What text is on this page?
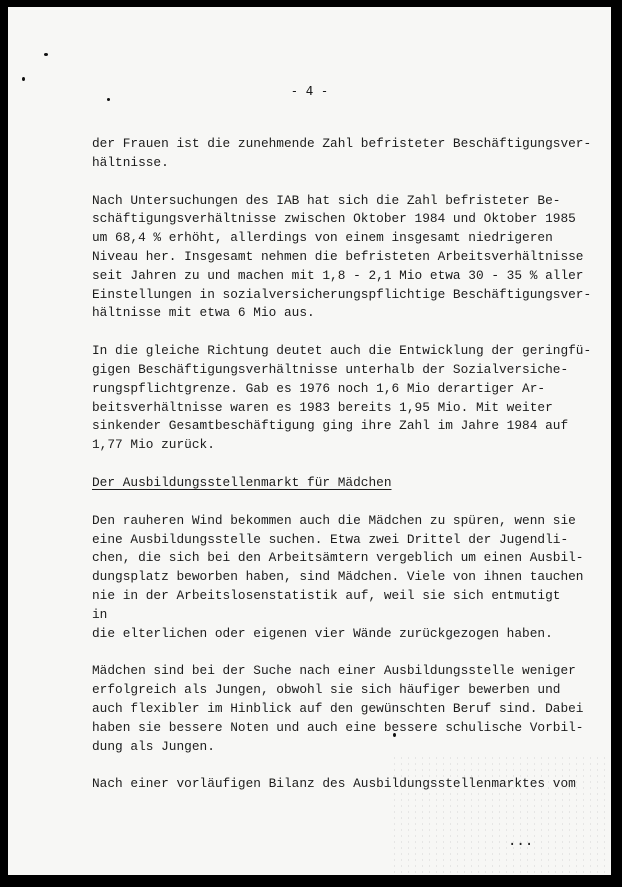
- 4 -
der Frauen ist die zunehmende Zahl befristeter Beschäftigungsver-
hältnisse.
Nach Untersuchungen des IAB hat sich die Zahl befristeter Be-
schäftigungsverhältnisse zwischen Oktober 1984 und Oktober 1985
um 68,4 % erhöht, allerdings von einem insgesamt niedrigeren
Niveau her. Insgesamt nehmen die befristeten Arbeitsverhältnisse
seit Jahren zu und machen mit 1,8 - 2,1 Mio etwa 30 - 35 % aller
Einstellungen in sozialversicherungspflichtige Beschäftigungsver-
hältnisse mit etwa 6 Mio aus.
In die gleiche Richtung deutet auch die Entwicklung der geringfü-
gigen Beschäftigungsverhältnisse unterhalb der Sozialversiche-
rungspflichtgrenze. Gab es 1976 noch 1,6 Mio derartiger Ar-
beitsverhältnisse waren es 1983 bereits 1,95 Mio. Mit weiter
sinkender Gesamtbeschäftigung ging ihre Zahl im Jahre 1984 auf
1,77 Mio zurück.
Der Ausbildungsstellenmarkt für Mädchen
Den rauheren Wind bekommen auch die Mädchen zu spüren, wenn sie
eine Ausbildungsstelle suchen. Etwa zwei Drittel der Jugendli-
chen, die sich bei den Arbeitsämtern vergeblich um einen Ausbil-
dungsplatz beworben haben, sind Mädchen. Viele von ihnen tauchen
nie in der Arbeitslosenstatistik auf, weil sie sich entmutigt
in
die elterlichen oder eigenen vier Wände zurückgezogen haben.
Mädchen sind bei der Suche nach einer Ausbildungsstelle weniger
erfolgreich als Jungen, obwohl sie sich häufiger bewerben und
auch flexibler im Hinblick auf den gewünschten Beruf sind. Dabei
haben sie bessere Noten und auch eine bessere schulische Vorbil-
dung als Jungen.
Nach einer vorläufigen Bilanz des Ausbildungsstellenmarktes vom
...
